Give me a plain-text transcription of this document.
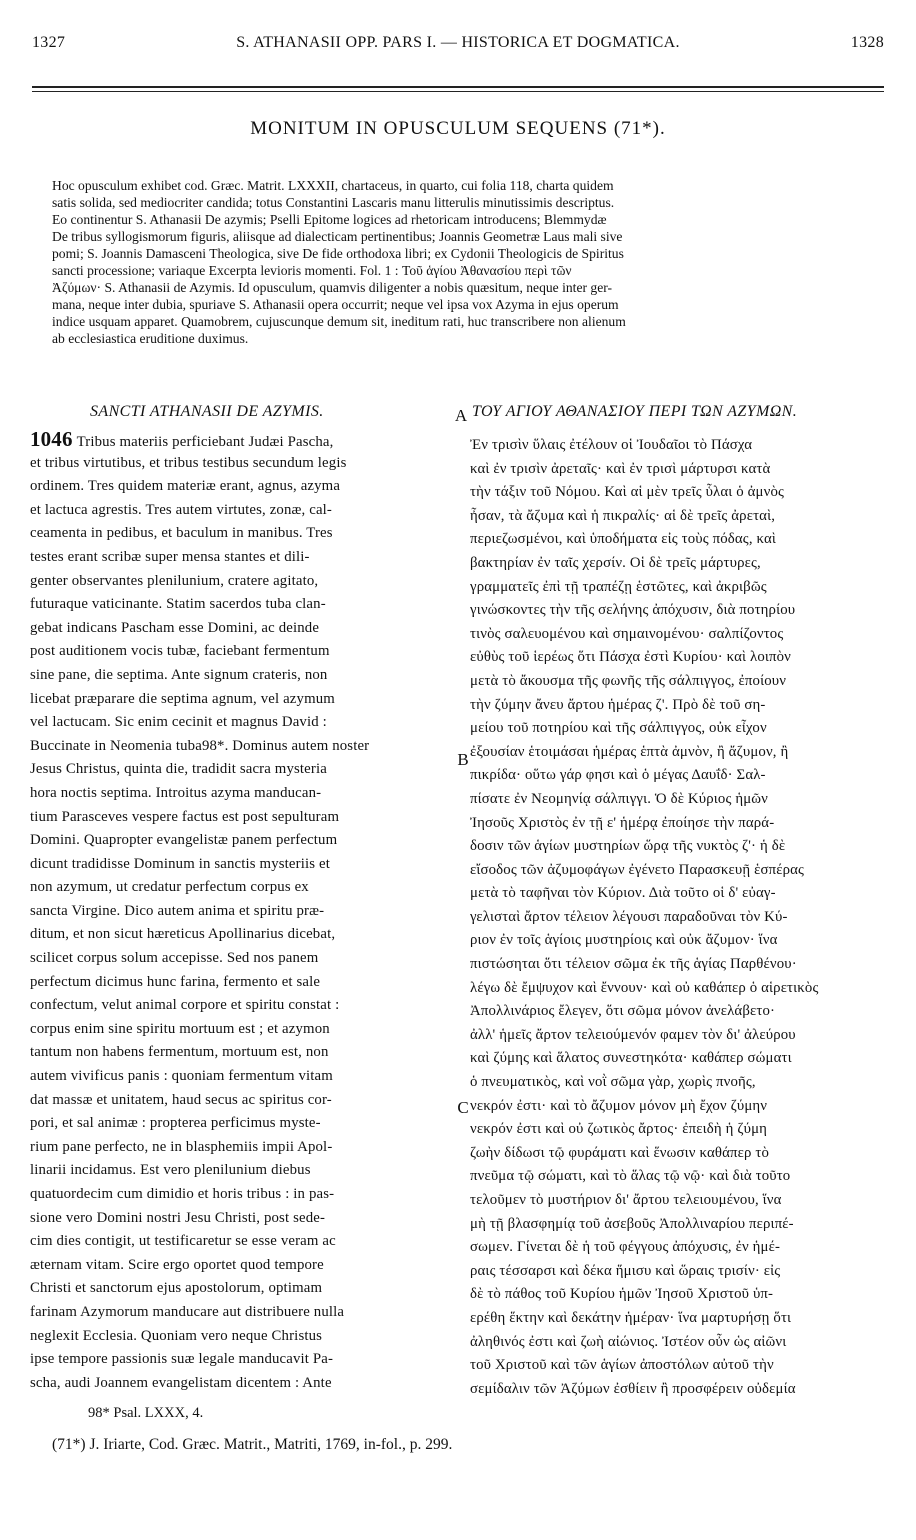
1327	S. ATHANASII OPP. PARS I. — HISTORICA ET DOGMATICA.	1328
MONITUM IN OPUSCULUM SEQUENS (71*).
Hoc opusculum exhibet cod. Græc. Matrit. LXXXII, chartaceus, in quarto, cui folia 118, charta quidem
satis solida, sed mediocriter candida; totus Constantini Lascaris manu litterulis minutissimis descriptus.
Eo continentur S. Athanasii De azymis; Pselli Epitome logices ad rhetoricam introducens; Blemmydæ
De tribus syllogismorum figuris, aliisque ad dialecticam pertinentibus; Joannis Geometræ Laus mali sive
pomi; S. Joannis Damasceni Theologica, sive De fide orthodoxa libri; ex Cydonii Theologicis de Spiritus
sancti processione; variaque Excerpta levioris momenti. Fol. 1 : Τοῦ ἁγίου Ἀθανασίου περὶ τῶν
Ἀζύμων· S. Athanasii de Azymis. Id opusculum, quamvis diligenter a nobis quæsitum, neque inter ger-
mana, neque inter dubia, spuriave S. Athanasii opera occurrit; neque vel ipsa vox Azyma in ejus operum
indice usquam apparet. Quamobrem, cujuscunque demum sit, ineditum rati, huc transcribere non alienum
ab ecclesiastica eruditione duximus.
SANCTI ATHANASII DE AZYMIS.	A ΤΟΥ ΑΓΙΟΥ ΑΘΑΝΑΣΙΟΥ ΠΕΡΙ ΤΩΝ ΑΖΥΜΩΝ.
1046 Tribus materiis perficiebant Judæi Pascha,
et tribus virtutibus, et tribus testibus secundum legis
ordinem. Tres quidem materiæ erant, agnus, azyma
et lactuca agrestis. Tres autem virtutes, zonæ, cal-
ceamenta in pedibus, et baculum in manibus. Tres
testes erant scribæ super mensa stantes et dili-
genter observantes plenilunium, cratere agitato,
futuraque vaticinante. Statim sacerdos tuba clan-
gebat indicans Pascham esse Domini, ac deinde
post auditionem vocis tubæ, faciebant fermentum
sine pane, die septima. Ante signum crateris, non
licebat præparare die septima agnum, vel azymum
vel lactucam. Sic enim cecinit et magnus David :
Buccinate in Neomenia tuba98*. Dominus autem noster
Jesus Christus, quinta die, tradidit sacra mysteria
hora noctis septima. Introitus azyma manducan-
tium Parasceves vespere factus est post sepulturam
Domini. Quapropter evangelistæ panem perfectum
dicunt tradidisse Dominum in sanctis mysteriis et
non azymum, ut credatur perfectum corpus ex
sancta Virgine. Dico autem anima et spiritu præ-
ditum, et non sicut hæreticus Apollinarius dicebat,
scilicet corpus solum accepisse. Sed nos panem
perfectum dicimus hunc farina, fermento et sale
confectum, velut animal corpore et spiritu constat :
corpus enim sine spiritu mortuum est ; et azymon
tantum non habens fermentum, mortuum est, non
autem vivificus panis : quoniam fermentum vitam
dat massæ et unitatem, haud secus ac spiritus cor-
pori, et sal animæ : propterea perficimus myste-
rium pane perfecto, ne in blasphemiis impii Apol-
linarii incidamus. Est vero plenilunium diebus
quatuordecim cum dimidio et horis tribus : in pas-
sione vero Domini nostri Jesu Christi, post sede-
cim dies contigit, ut testificaretur se esse veram ac
æternam vitam. Scire ergo oportet quod tempore
Christi et sanctorum ejus apostolorum, optimam
farinam Azymorum manducare aut distribuere nulla
neglexit Ecclesia. Quoniam vero neque Christus
ipse tempore passionis suæ legale manducavit Pa-
scha, audi Joannem evangelistam dicentem : Ante
B
C
Ἐν τρισὶν ὕλαις ἐτέλουν οἱ Ἰουδαῖοι τὸ Πάσχα
καὶ ἐν τρισὶν ἀρεταῖς· καὶ ἐν τρισὶ μάρτυρσι κατὰ
τὴν τάξιν τοῦ Νόμου. Καὶ αἱ μὲν τρεῖς ὗλαι ὁ ἀμνὸς
ἦσαν, τὰ ἄζυμα καὶ ἡ πικραλίς· αἱ δὲ τρεῖς ἀρεταὶ,
περιεζωσμένοι, καὶ ὑποδήματα εἰς τοὺς πόδας, καὶ
βακτηρίαν ἐν ταῖς χερσίν. Οἱ δὲ τρεῖς μάρτυρες,
γραμματεῖς ἐπὶ τῇ τραπέζῃ ἑστῶτες, καὶ ἀκριβῶς
γινώσκοντες τὴν τῆς σελήνης ἀπόχυσιν, διὰ ποτηρίου
τινὸς σαλευομένου καὶ σημαινομένου· σαλπίζοντος
εὐθὺς τοῦ ἱερέως ὅτι Πάσχα ἐστὶ Κυρίου· καὶ λοιπὸν
μετὰ τὸ ἄκουσμα τῆς φωνῆς τῆς σάλπιγγος, ἐποίουν
τὴν ζύμην ἄνευ ἄρτου ἡμέρας ζ'. Πρὸ δὲ τοῦ ση-
μείου τοῦ ποτηρίου καὶ τῆς σάλπιγγος, οὐκ εἶχον
ἐξουσίαν ἑτοιμάσαι ἡμέρας ἑπτὰ ἀμνὸν, ἢ ἄζυμον, ἢ
πικρίδα· οὕτω γάρ φησι καὶ ὁ μέγας Δαυΐδ· Σαλ-
πίσατε ἐν Νεομηνίᾳ σάλπιγγι. Ὁ δὲ Κύριος ἡμῶν
Ἰησοῦς Χριστὸς ἐν τῇ ε' ἡμέρᾳ ἐποίησε τὴν παρά-
δοσιν τῶν ἁγίων μυστηρίων ὥρᾳ τῆς νυκτὸς ζ'· ἡ δὲ
εἴσοδος τῶν ἀζυμοφάγων ἐγένετο Παρασκευῇ ἑσπέρας
μετὰ τὸ ταφῆναι τὸν Κύριον. Διὰ τοῦτο οἱ δ' εὐαγ-
γελισταὶ ἄρτον τέλειον λέγουσι παραδοῦναι τὸν Κύ-
ριον ἐν τοῖς ἁγίοις μυστηρίοις καὶ οὐκ ἄζυμον· ἵνα
πιστώσηται ὅτι τέλειον σῶμα ἐκ τῆς ἁγίας Παρθένου·
λέγω δὲ ἔμψυχον καὶ ἔννουν· καὶ οὐ καθάπερ ὁ αἱρετικὸς
Ἀπολλινάριος ἔλεγεν, ὅτι σῶμα μόνον ἀνελάβετο·
ἀλλ' ἡμεῖς ἄρτον τελειούμενόν φαμεν τὸν δι' ἀλεύρου
καὶ ζύμης καὶ ἅλατος συνεστηκότα· καθάπερ σώματι
ὁ πνευματικὸς, καὶ νοῒ σῶμα γὰρ, χωρὶς πνοῆς,
νεκρόν ἐστι· καὶ τὸ ἄζυμον μόνον μὴ ἔχον ζύμην
νεκρόν ἐστι καὶ οὐ ζωτικὸς ἄρτος· ἐπειδὴ ἡ ζύμη
ζωὴν δίδωσι τῷ φυράματι καὶ ἕνωσιν καθάπερ τὸ
πνεῦμα τῷ σώματι, καὶ τὸ ἅλας τῷ νῷ· καὶ διὰ τοῦτο
τελοῦμεν τὸ μυστήριον δι' ἄρτου τελειουμένου, ἵνα
μὴ τῇ βλασφημίᾳ τοῦ ἀσεβοῦς Ἀπολλιναρίου περιπέ-
σωμεν. Γίνεται δὲ ἡ τοῦ φέγγους ἀπόχυσις, ἐν ἡμέ-
ραις τέσσαρσι καὶ δέκα ἥμισυ καὶ ὥραις τρισίν· εἰς
δὲ τὸ πάθος τοῦ Κυρίου ἡμῶν Ἰησοῦ Χριστοῦ ὑπ-
ερέθη ἕκτην καὶ δεκάτην ἡμέραν· ἵνα μαρτυρήσῃ ὅτι
ἀληθινός ἐστι καὶ ζωὴ αἰώνιος. Ἰστέον οὖν ὡς αἰῶνι
τοῦ Χριστοῦ καὶ τῶν ἁγίων ἀποστόλων αὐτοῦ τὴν
σεμίδαλιν τῶν Ἀζύμων ἐσθίειν ἢ προσφέρειν οὐδεμία
98* Psal. LXXX, 4.
(71*) J. Iriarte, Cod. Græc. Matrit., Matriti, 1769, in-fol., p. 299.
